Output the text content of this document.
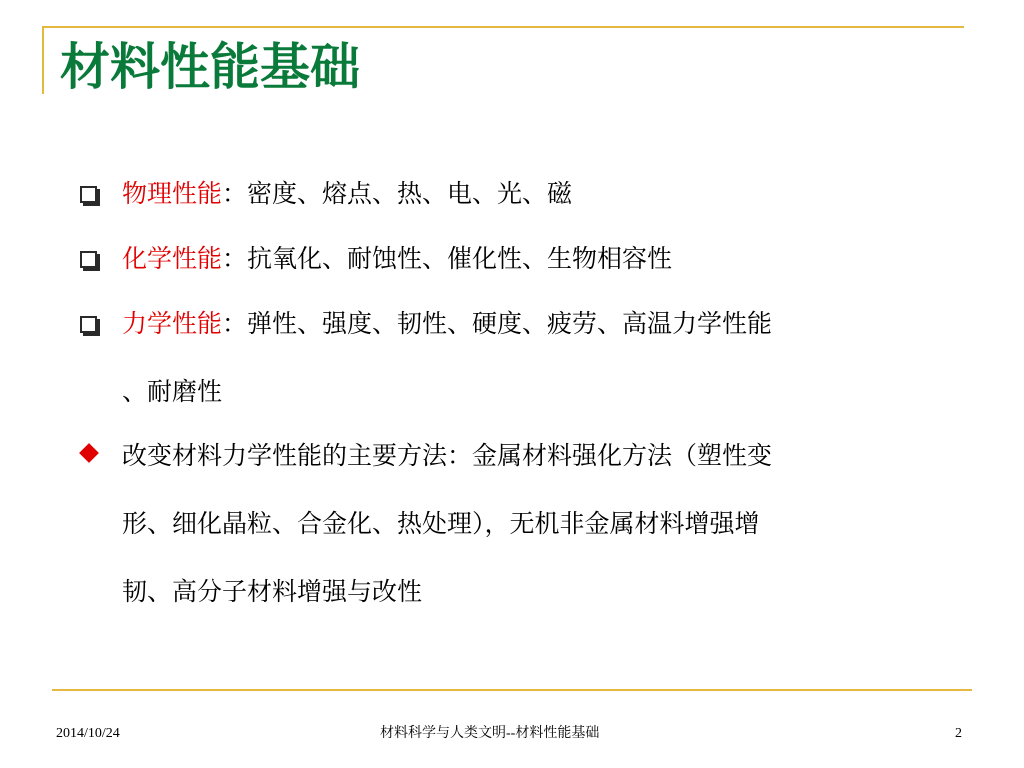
材料性能基础
物理性能：密度、熔点、热、电、光、磁
化学性能：抗氧化、耐蚀性、催化性、生物相容性
力学性能：弹性、强度、韧性、硬度、疲劳、高温力学性能
、耐磨性
改变材料力学性能的主要方法：金属材料强化方法（塑性变
形、细化晶粒、合金化、热处理），无机非金属材料增强增
韧、高分子材料增强与改性
2014/10/24	材料科学与人类文明--材料性能基础	2
